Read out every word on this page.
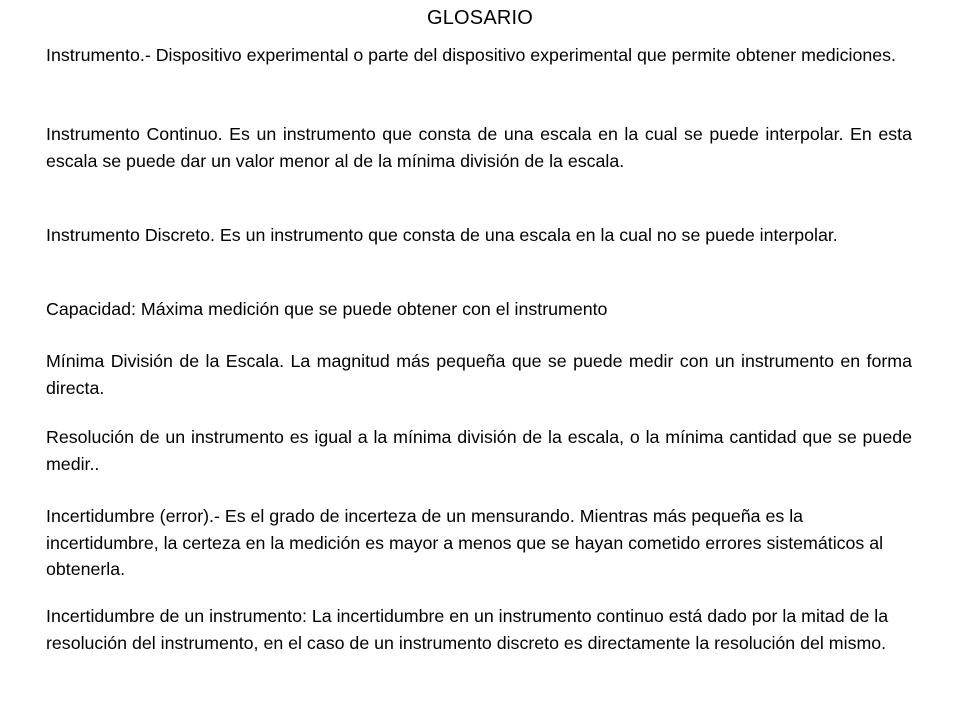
GLOSARIO

Instrumento.- Dispositivo experimental o parte del dispositivo experimental que permite obtener mediciones.

Instrumento Continuo. Es un instrumento que consta de una escala en la cual se puede interpolar. En esta escala se puede dar un valor menor al de la mínima división de la escala.

Instrumento Discreto. Es un instrumento que consta de una escala en la cual no se puede interpolar.

Capacidad: Máxima medición que se puede obtener con el instrumento

Mínima División de la Escala. La magnitud más pequeña que se puede medir con un instrumento en forma directa.

Resolución de un instrumento es igual a la mínima división de la escala, o la mínima cantidad que se puede medir..

Incertidumbre (error).- Es el grado de incerteza de un mensurando. Mientras más pequeña es la incertidumbre, la certeza en la medición es mayor a menos que se hayan cometido errores sistemáticos al obtenerla.

Incertidumbre de un instrumento: La incertidumbre en un instrumento continuo está dado por la mitad de la resolución del instrumento, en el caso de un instrumento discreto es directamente la resolución del mismo.
